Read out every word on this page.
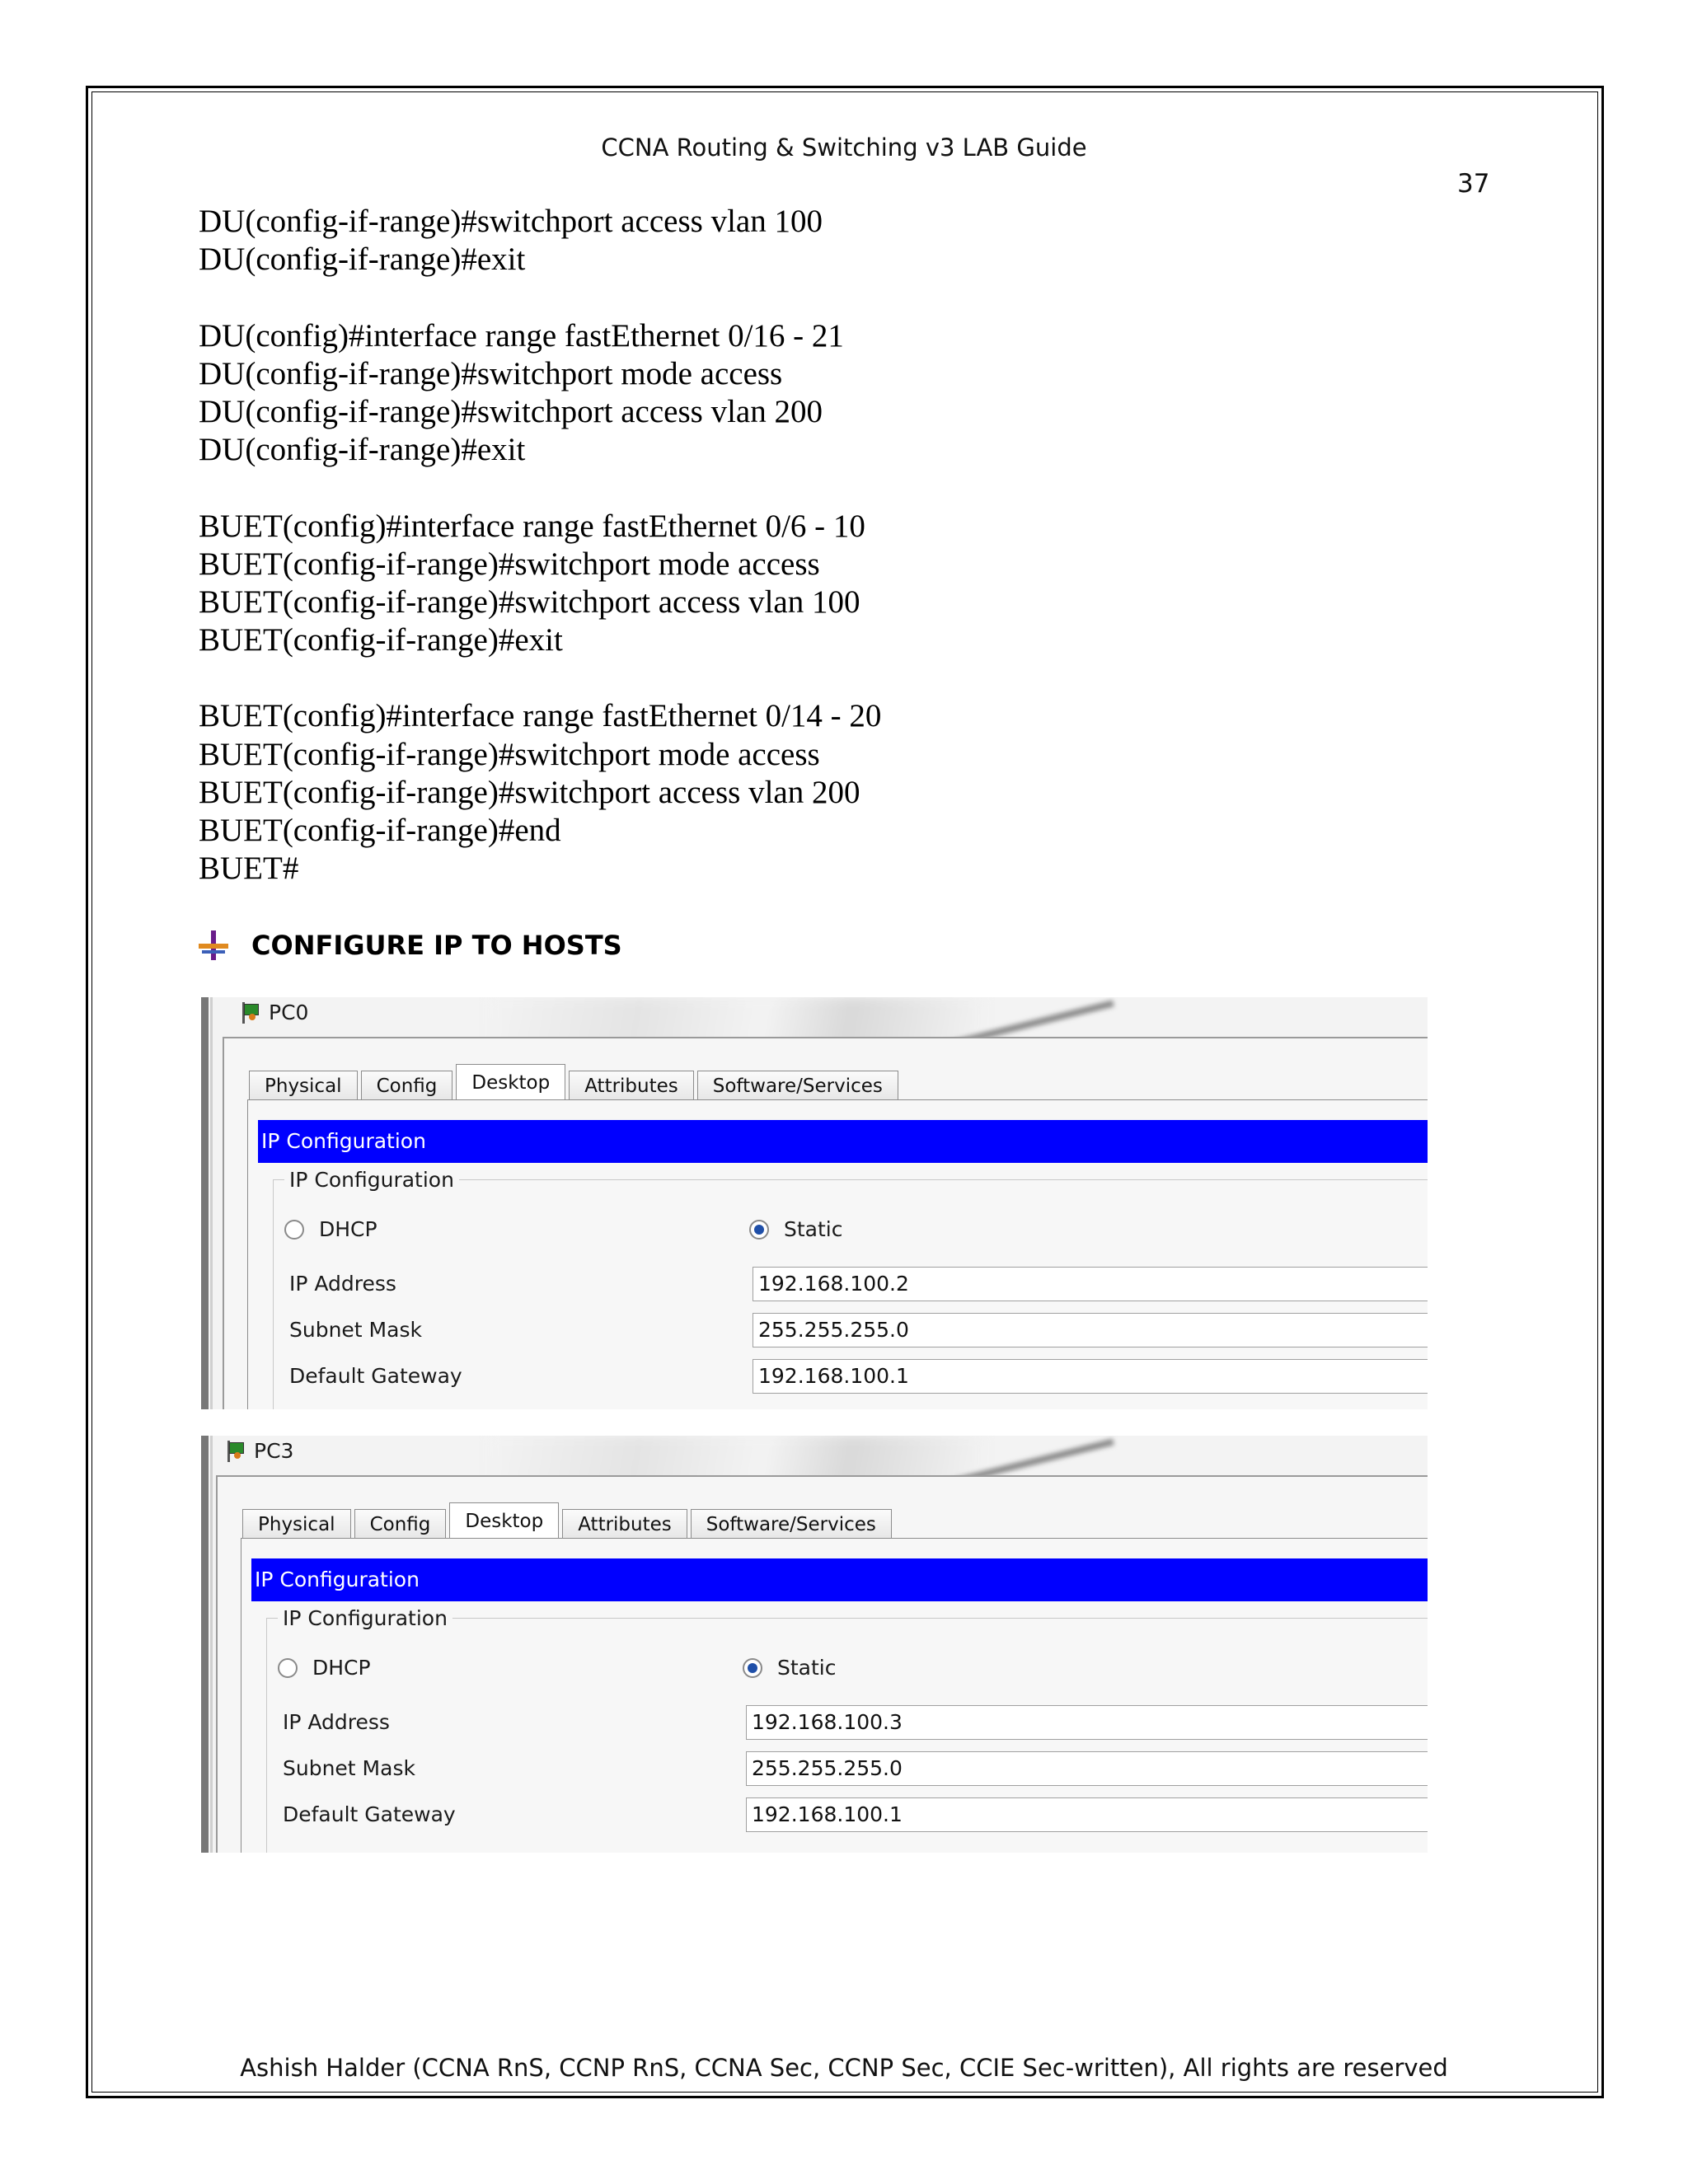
CCNA Routing & Switching v3 LAB Guide
37
DU(config-if-range)#switchport access vlan 100
DU(config-if-range)#exit
DU(config)#interface range fastEthernet 0/16 - 21
DU(config-if-range)#switchport mode access
DU(config-if-range)#switchport access vlan 200
DU(config-if-range)#exit
BUET(config)#interface range fastEthernet 0/6 - 10
BUET(config-if-range)#switchport mode access
BUET(config-if-range)#switchport access vlan 100
BUET(config-if-range)#exit
BUET(config)#interface range fastEthernet 0/14 - 20
BUET(config-if-range)#switchport mode access
BUET(config-if-range)#switchport access vlan 200
BUET(config-if-range)#end
BUET#
CONFIGURE IP TO HOSTS
PC0
Physical	Config	Desktop	Attributes	Software/Services
IP Configuration
IP Configuration
DHCP	Static
IP Address	192.168.100.2
Subnet Mask	255.255.255.0
Default Gateway	192.168.100.1
PC3
Physical	Config	Desktop	Attributes	Software/Services
IP Configuration
IP Configuration
DHCP	Static
IP Address	192.168.100.3
Subnet Mask	255.255.255.0
Default Gateway	192.168.100.1
Ashish Halder (CCNA RnS, CCNP RnS, CCNA Sec, CCNP Sec, CCIE Sec-written), All rights are reserved
